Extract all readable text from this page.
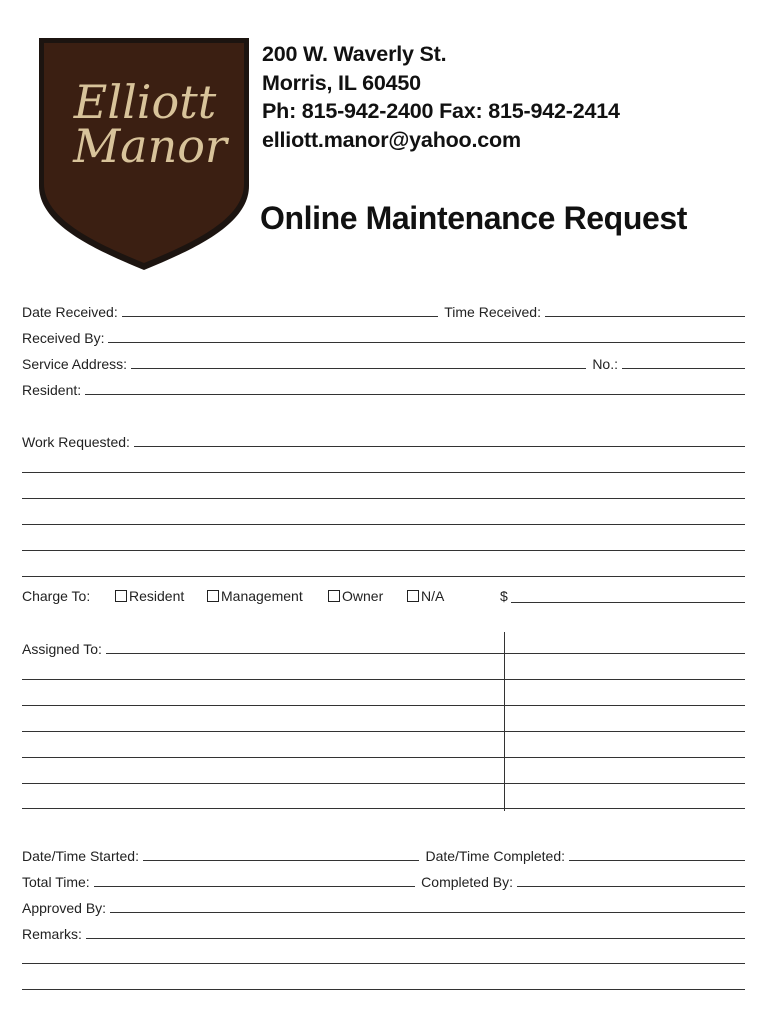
Elliott
Manor
200 W. Waverly St.
Morris, IL 60450
Ph: 815-942-2400 Fax: 815-942-2414
elliott.manor@yahoo.com
Online Maintenance Request
Date Received:	Time Received:
Received By:
Service Address:	No.:
Resident:
Work Requested:
Charge To:	Resident	Management	Owner	N/A	$
Assigned To:
Date/Time Started:	Date/Time Completed:
Total Time:	Completed By:
Approved By:
Remarks:
